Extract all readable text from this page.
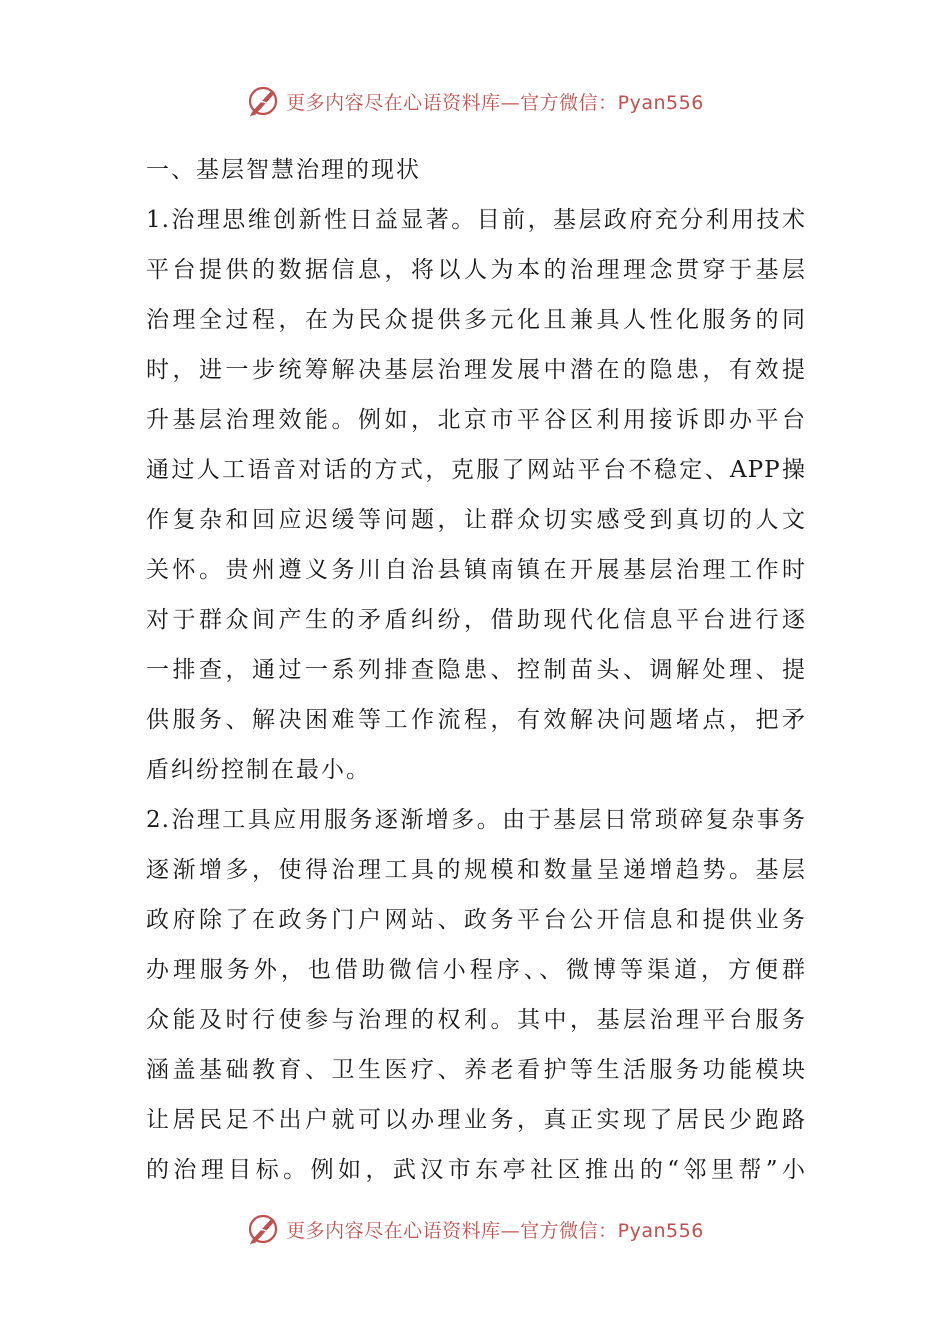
更多内容尽在心语资料库—官方微信：Pyan556
一、基层智慧治理的现状

1.治理思维创新性日益显著。目前，基层政府充分利用技术
平台提供的数据信息，将以人为本的治理理念贯穿于基层
治理全过程，在为民众提供多元化且兼具人性化服务的同
时，进一步统筹解决基层治理发展中潜在的隐患，有效提
升基层治理效能。例如，北京市平谷区利用接诉即办平台
通过人工语音对话的方式，克服了网站平台不稳定、APP操
作复杂和回应迟缓等问题，让群众切实感受到真切的人文
关怀。贵州遵义务川自治县镇南镇在开展基层治理工作时
对于群众间产生的矛盾纠纷，借助现代化信息平台进行逐
一排查，通过一系列排查隐患、控制苗头、调解处理、提
供服务、解决困难等工作流程，有效解决问题堵点，把矛
盾纠纷控制在最小。

2.治理工具应用服务逐渐增多。由于基层日常琐碎复杂事务
逐渐增多，使得治理工具的规模和数量呈递增趋势。基层
政府除了在政务门户网站、政务平台公开信息和提供业务
办理服务外，也借助微信小程序、、微博等渠道，方便群
众能及时行使参与治理的权利。其中，基层治理平台服务
涵盖基础教育、卫生医疗、养老看护等生活服务功能模块
让居民足不出户就可以办理业务，真正实现了居民少跑路
的治理目标。例如，武汉市东亭社区推出的“邻里帮”小

更多内容尽在心语资料库—官方微信：Pyan556
